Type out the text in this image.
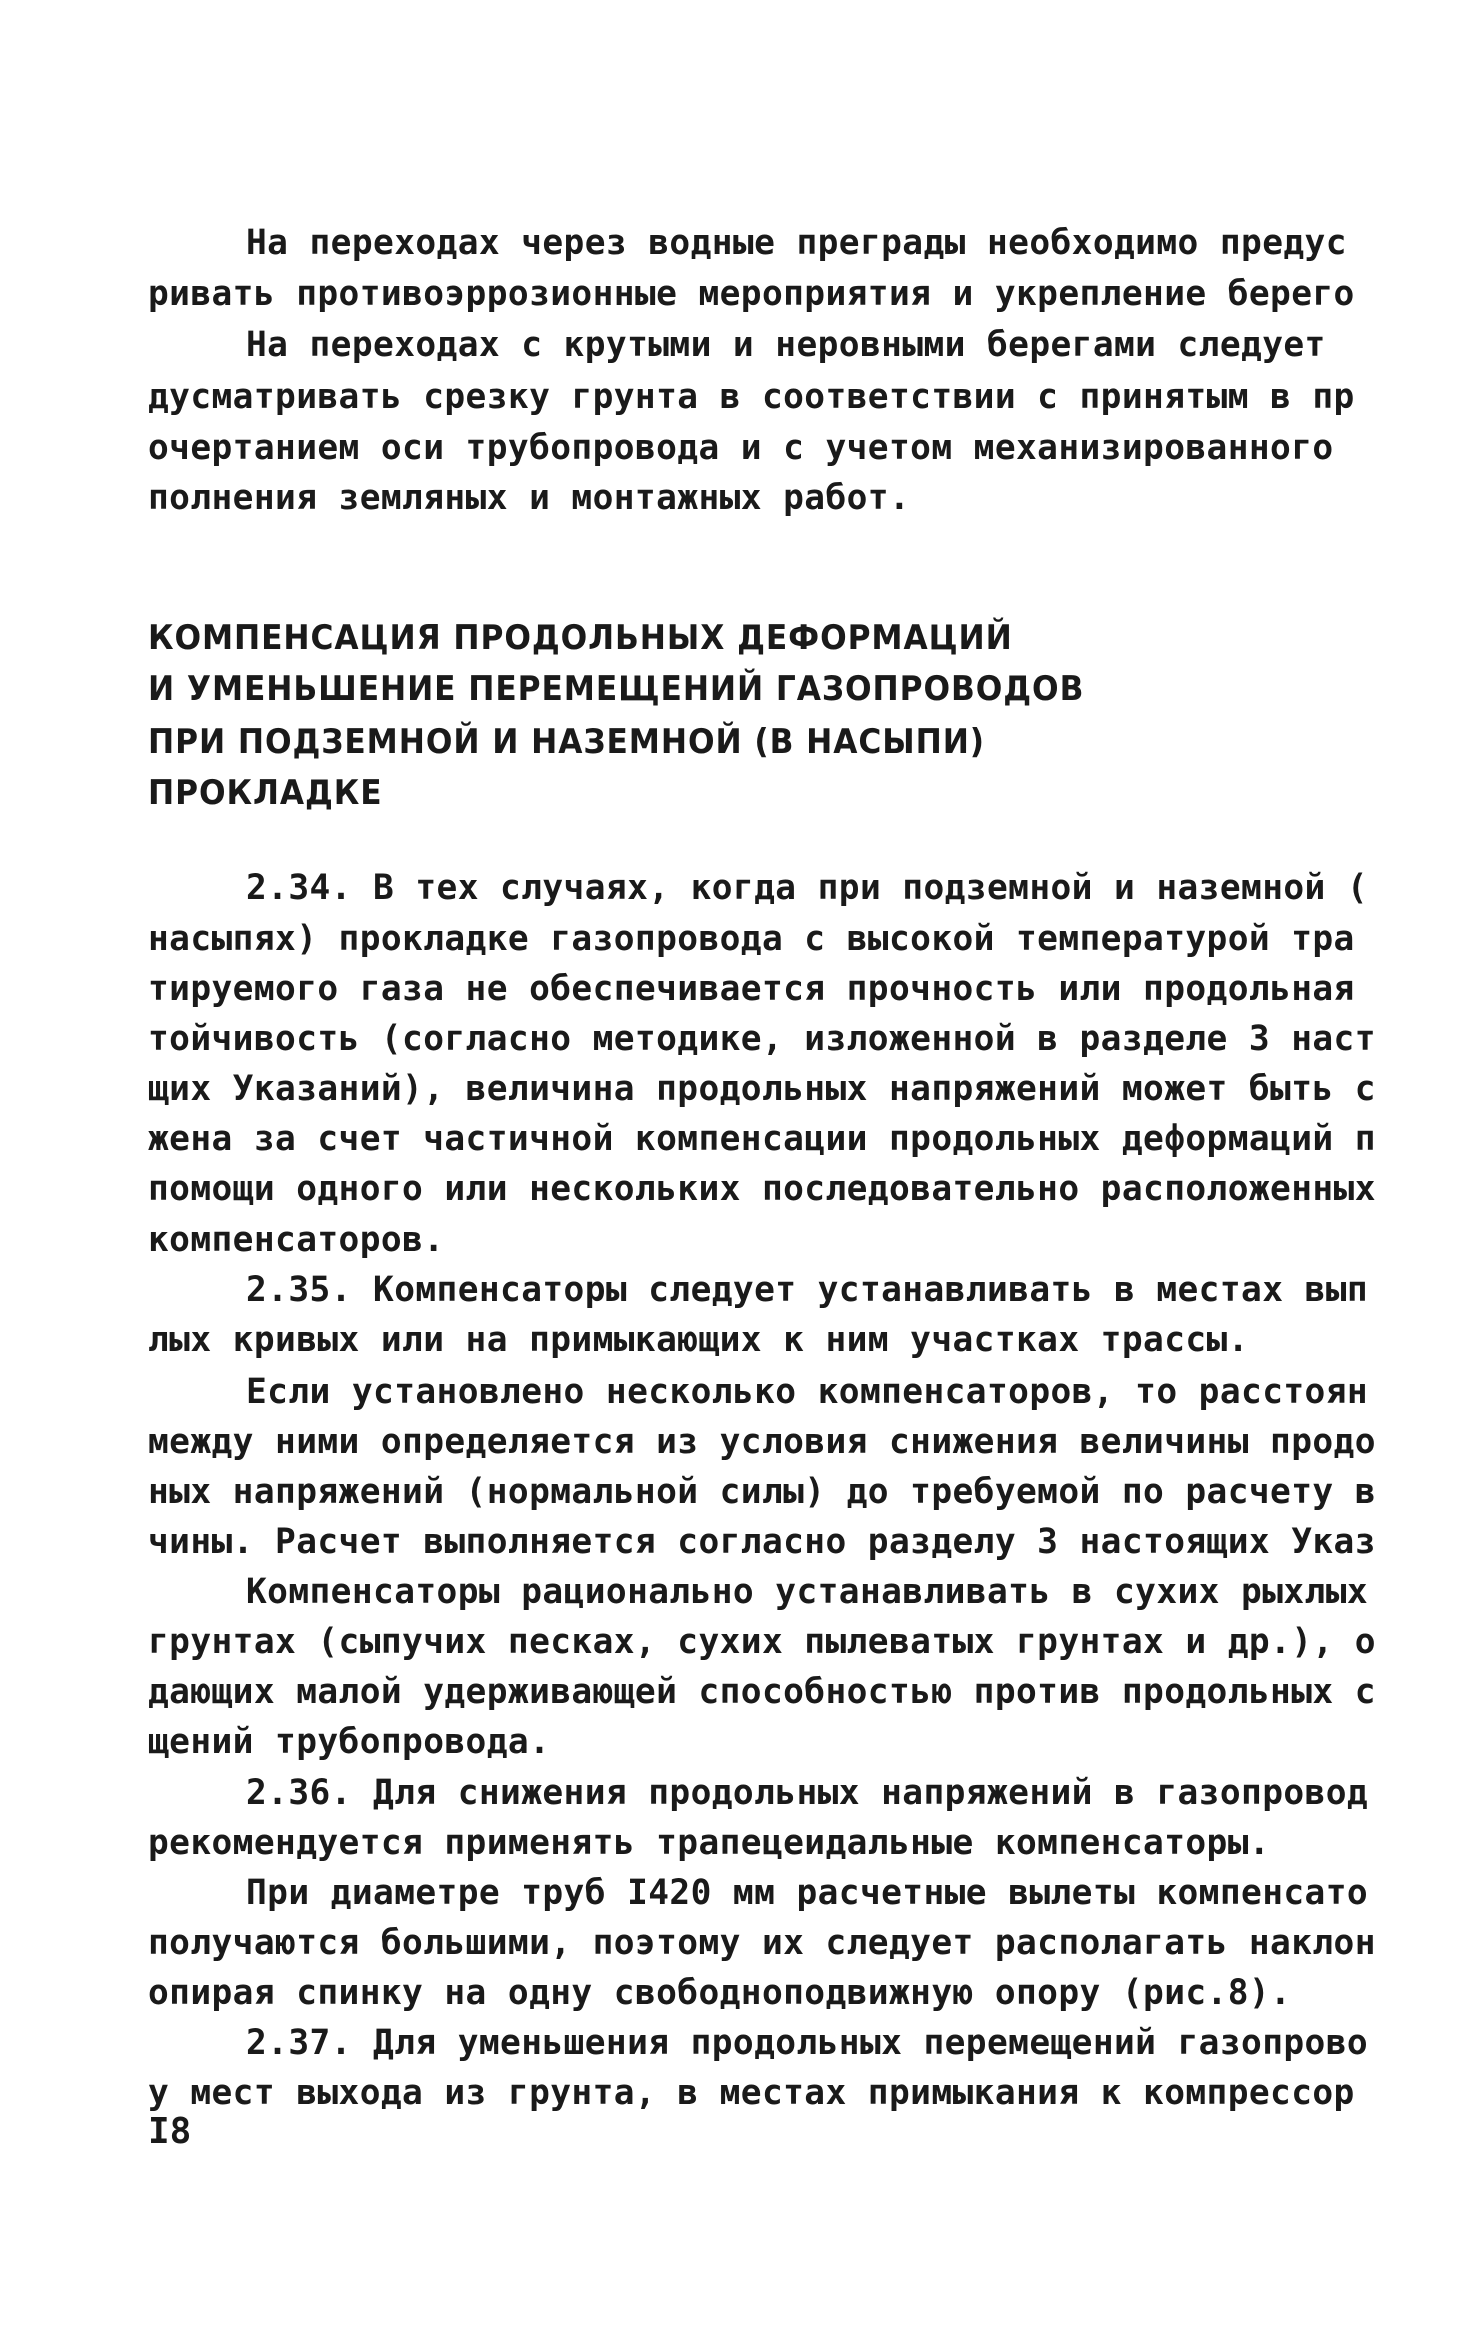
На переходах через водные преграды необходимо предус
ривать противоэррозионные мероприятия и укрепление берего
На переходах с крутыми и неровными берегами следует
дусматривать срезку грунта в соответствии с принятым в пр
очертанием оси трубопровода и с учетом механизированного
полнения земляных и монтажных работ.
КОМПЕНСАЦИЯ ПРОДОЛЬНЫХ ДЕФОРМАЦИЙ
И УМЕНЬШЕНИЕ ПЕРЕМЕЩЕНИЙ ГАЗОПРОВОДОВ
ПРИ ПОДЗЕМНОЙ И НАЗЕМНОЙ (В НАСЫПИ)
ПРОКЛАДКЕ
2.34. В тех случаях, когда при подземной и наземной (
насыпях) прокладке газопровода с высокой температурой тра
тируемого газа не обеспечивается прочность или продольная
тойчивость (согласно методике, изложенной в разделе 3 наст
щих Указаний), величина продольных напряжений может быть с
жена за счет частичной компенсации продольных деформаций п
помощи одного или нескольких последовательно расположенных
компенсаторов.
2.35. Компенсаторы следует устанавливать в местах вып
лых кривых или на примыкающих к ним участках трассы.
Если установлено несколько компенсаторов, то расстоян
между ними определяется из условия снижения величины продо
ных напряжений (нормальной силы) до требуемой по расчету в
чины. Расчет выполняется согласно разделу 3 настоящих Указ
Компенсаторы рационально устанавливать в сухих рыхлых
грунтах (сыпучих песках, сухих пылеватых грунтах и др.), о
дающих малой удерживающей способностью против продольных с
щений трубопровода.
2.36. Для снижения продольных напряжений в газопровод
рекомендуется применять трапецеидальные компенсаторы.
При диаметре труб I420 мм расчетные вылеты компенсато
получаются большими, поэтому их следует располагать наклон
опирая спинку на одну свободноподвижную опору (рис.8).
2.37. Для уменьшения продольных перемещений газопрово
у мест выхода из грунта, в местах примыкания к компрессор
I8
